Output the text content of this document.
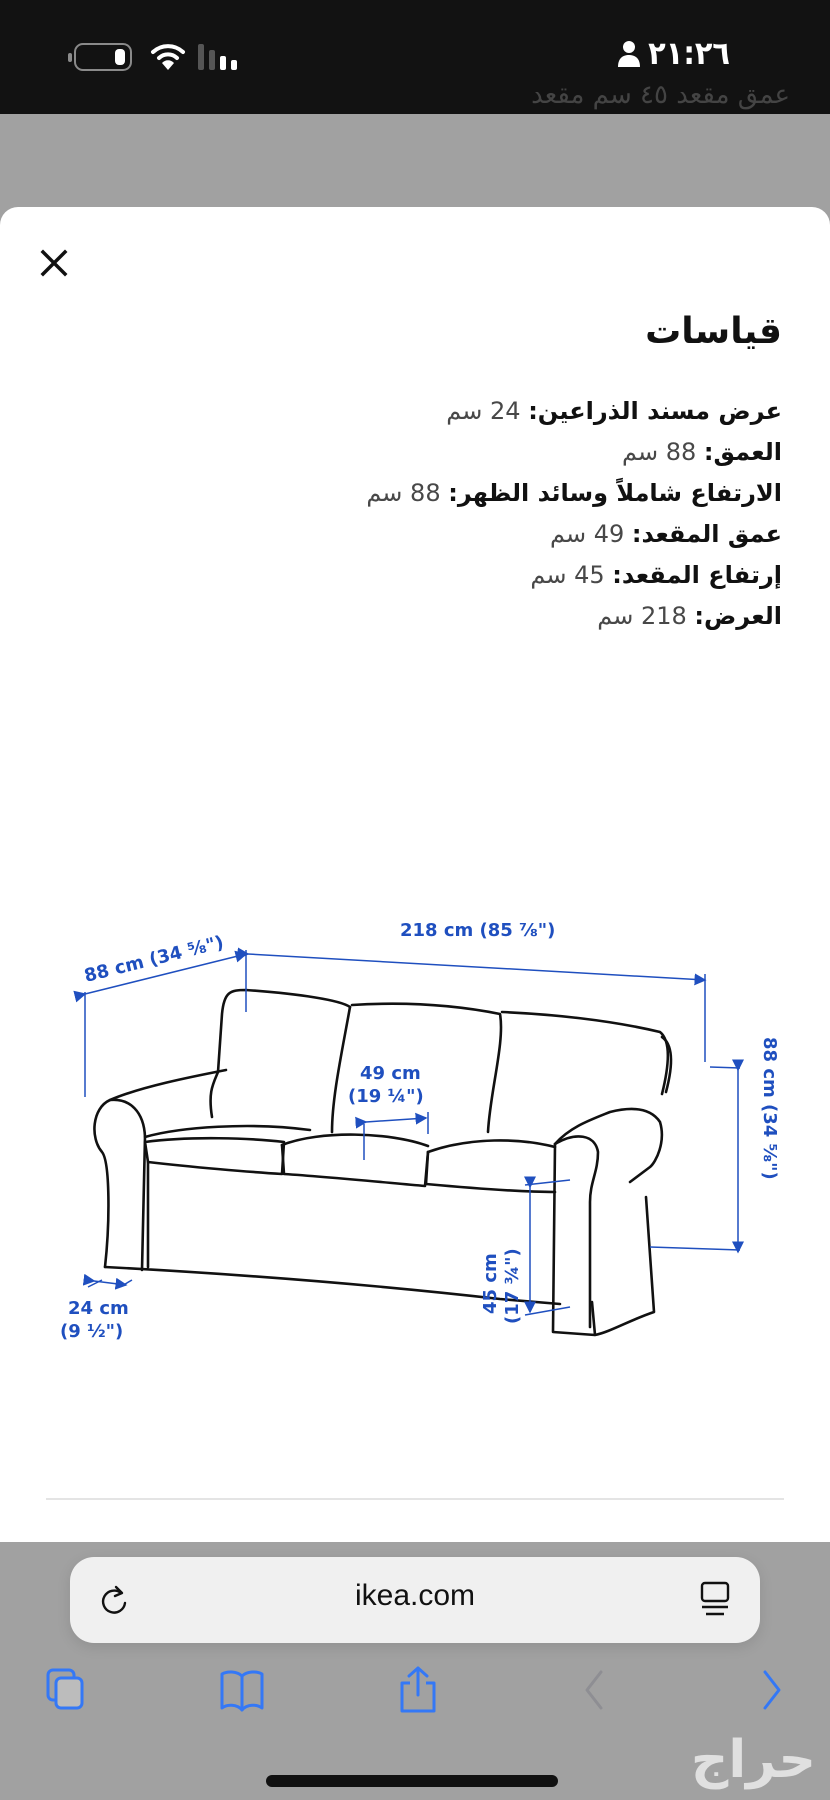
٢١:٢٦
عمق مقعد ٤٥ سم مقعد
قياسات
عرض مسند الذراعين: 24 سم
العمق: 88 سم
الارتفاع شاملاً وسائد الظهر: 88 سم
عمق المقعد: 49 سم
إرتفاع المقعد: 45 سم
العرض: 218 سم
88 cm (34 ⅝")
218 cm (85 ⅞")
49 cm
(19 ¼")	88 cm (34 ⅝")
45 cm (17 ¾")
24 cm
(9 ½")
ikea.com
حراج
